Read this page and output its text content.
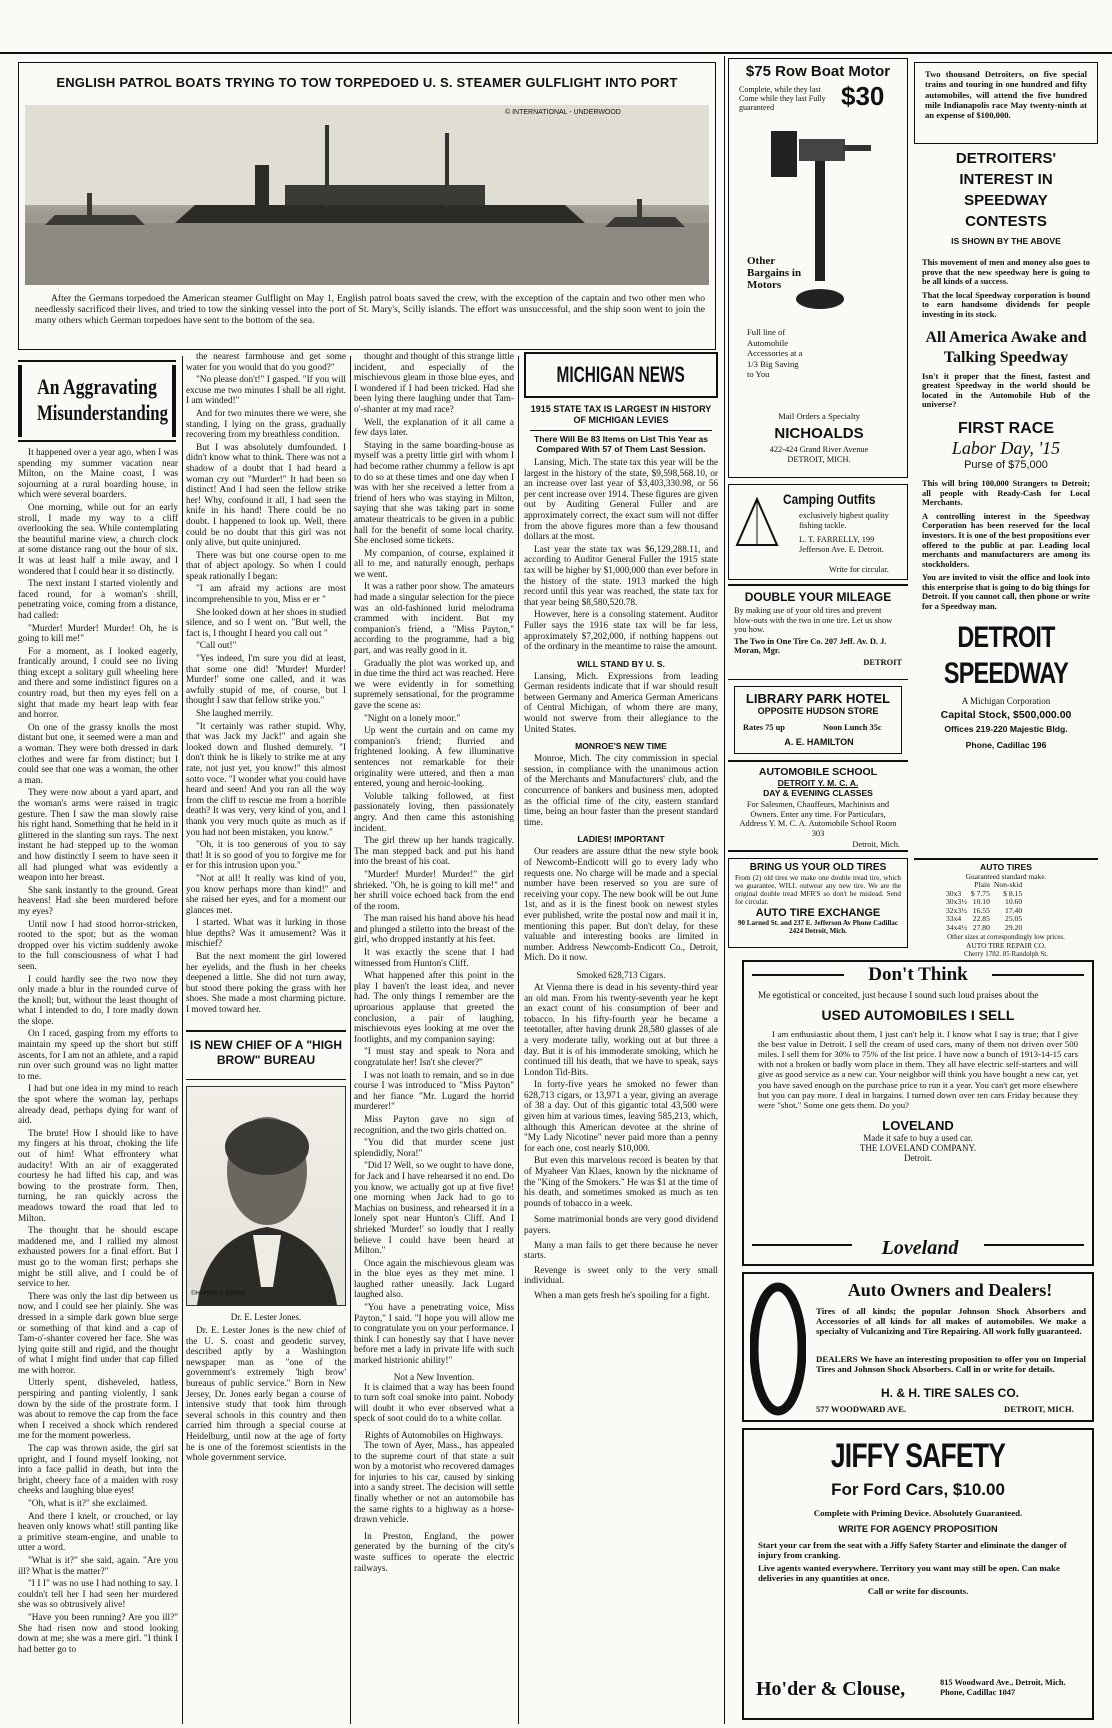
ENGLISH PATROL BOATS TRYING TO TOW TORPEDOED U. S. STEAMER GULFLIGHT INTO PORT
© INTERNATIONAL - UNDERWOOD
After the Germans torpedoed the American steamer Gulflight on May 1, English patrol boats saved the crew, with the exception of the captain and two other men who needlessly sacrificed their lives, and tried to tow the sinking vessel into the port of St. Mary's, Scilly islands. The effort was unsuccessful, and the ship soon went to join the many others which German torpedoes have sent to the bottom of the sea.
An Aggravating
Misunderstanding

It happened over a year ago, when I was spending my summer vacation near Milton, on the Maine coast, I was sojourning at a rural boarding house, in which were several boarders.

One morning, while out for an early stroll, I made my way to a cliff overlooking the sea. While contemplating the beautiful marine view, a church clock at some distance rang out the hour of six. It was at least half a mile away, and I wondered that I could hear it so distinctly.

The next instant I started violently and faced round, for a woman's shrill, penetrating voice, coming from a distance, had called:

"Murder! Murder! Murder! Oh, he is going to kill me!"

For a moment, as I looked eagerly, frantically around, I could see no living thing except a solitary gull wheeling here and there and some indistinct figures on a country road, but then my eyes fell on a sight that made my heart leap with fear and horror.

On one of the grassy knolls the most distant but one, it seemed were a man and a woman. They were both dressed in dark clothes and were far from distinct; but I could see that one was a woman, the other a man.

They were now about a yard apart, and the woman's arms were raised in tragic gesture. Then I saw the man slowly raise his right hand. Something that he held in it glittered in the slanting sun rays. The next instant he had stepped up to the woman and how distinctly I seem to have seen it all had plunged what was evidently a weapon into her breast.

She sank instantly to the ground. Great heavens! Had she been murdered before my eyes?

Until now I had stood horror-stricken, rooted to the spot; but as the woman dropped over his victim suddenly awoke to the full consciousness of what I had seen.

I could hardly see the two now they only made a blur in the rounded curve of the knoll; but, without the least thought of what I intended to do, I tore madly down the slope.

On I raced, gasping from my efforts to maintain my speed up the short but stiff ascents, for I am not an athlete, and a rapid run over such ground was no light matter to me.

I had but one idea in my mind to reach the spot where the woman lay, perhaps already dead, perhaps dying for want of aid.

The brute! How I should like to have my fingers at his throat, choking the life out of him! What effrontery what audacity! With an air of exaggerated courtesy he had lifted his cap, and was bowing to the prostrate form. Then, turning, he ran quickly across the meadows toward the road that led to Milton.

The thought that he should escape maddened me, and I rallied my almost exhausted powers for a final effort. But I must go to the woman first; perhaps she might be still alive, and I could be of service to her.

There was only the last dip between us now, and I could see her plainly. She was dressed in a simple dark gown blue serge or something of that kind and a cap of Tam-o'-shanter covered her face. She was lying quite still and rigid, and the thought of what I might find under that cap filled me with horror.

Utterly spent, disheveled, hatless, perspiring and panting violently, I sank down by the side of the prostrate form. I was about to remove the cap from the face when I received a shock which rendered me for the moment powerless.

The cap was thrown aside, the girl sat upright, and I found myself looking, not into a face pallid in death, but into the bright, cheery face of a maiden with rosy cheeks and laughing blue eyes!

"Oh, what is it?" she exclaimed.

And there I knelt, or crouched, or lay heaven only knows what! still panting like a primitive steam-engine, and unable to utter a word.

"What is it?" she said, again. "Are you ill? What is the matter?"

"I I I" was no use I had nothing to say. I couldn't tell her I had seen her murdered she was so obtrusively alive!

"Have you been running? Are you ill?" She had risen now and stood looking down at me; she was a mere girl. "I think I had better go to

the nearest farmhouse and get some water for you would that do you good?"

"No please don't!" I gasped. "If you will excuse me two minutes I shall be all right. I am winded!"

And for two minutes there we were, she standing, I lying on the grass, gradually recovering from my breathless condition.

But I was absolutely dumfounded. I didn't know what to think. There was not a shadow of a doubt that I had heard a woman cry out "Murder!" It had been so distinct! And I had seen the fellow strike her! Why, confound it all, I had seen the knife in his hand! There could be no doubt. I happened to look up. Well, there could be no doubt that this girl was not only alive, but quite uninjured.

There was but one course open to me that of abject apology. So when I could speak rationally I began:

"I am afraid my actions are most incomprehensible to you, Miss er er "

She looked down at her shoes in studied silence, and so I went on. "But well, the fact is, I thought I heard you call out "

"Call out!"

"Yes indeed, I'm sure you did at least, that some one did! 'Murder! Murder! Murder!' some one called, and it was awfully stupid of me, of course, but I thought I saw that fellow strike you."

She laughed merrily.

"It certainly was rather stupid. Why, that was Jack my Jack!" and again she looked down and flushed demurely. "I don't think he is likely to strike me at any rate, not just yet, you know!" this almost sotto voce. "I wonder what you could have heard and seen! And you ran all the way from the cliff to rescue me from a horrible death? It was very, very kind of you, and I thank you very much quite as much as if you had not been mistaken, you know."

"Oh, it is too generous of you to say that! It is so good of you to forgive me for er for this intrusion upon you."

"Not at all! It really was kind of you, you know perhaps more than kind!" and she raised her eyes, and for a moment our glances met.

I started. What was it lurking in those blue depths? Was it amusement? Was it mischief?

But the next moment the girl lowered her eyelids, and the flush in her cheeks deepened a little. She did not turn away, but stood there poking the grass with her shoes. She made a most charming picture. I moved toward her.

IS NEW CHIEF OF A "HIGH BROW" BUREAU
©HARRIS & EWING
Dr. E. Lester Jones.

Dr. E. Lester Jones is the new chief of the U. S. coast and geodetic survey, described aptly by a Washington newspaper man as "one of the government's extremely 'high brow' bureaus of public service." Born in New Jersey, Dr. Jones early began a course of intensive study that took him through several schools in this country and then carried him through a special course at Heidelburg, until now at the age of forty he is one of the foremost scientists in the whole government service.

thought and thought of this strange little incident, and especially of the mischievous gleam in those blue eyes, and I wondered if I had been tricked. Had she been lying there laughing under that Tam-o'-shanter at my mad race?

Well, the explanation of it all came a few days later.

Staying in the same boarding-house as myself was a pretty little girl with whom I had become rather chummy a fellow is apt to do so at these times and one day when I was with her she received a letter from a friend of hers who was staying in Milton, saying that she was taking part in some amateur theatricals to be given in a public hall for the benefit of some local charity. She enclosed some tickets.

My companion, of course, explained it all to me, and naturally enough, perhaps we went.

It was a rather poor show. The amateurs had made a singular selection for the piece was an old-fashioned lurid melodrama crammed with incident. But my companion's friend, a "Miss Payton," according to the programme, had a big part, and was really good in it.

Gradually the plot was worked up, and in due time the third act was reached. Here we were evidently in for something supremely sensational, for the programme gave the scene as:

"Night on a lonely moor."

Up went the curtain and on came my companion's friend; flurried and frightened looking. A few illuminative sentences not remarkable for their originality were uttered, and then a man entered, young and heroic-looking.

Voluble talking followed, at first passionately loving, then passionately angry. And then came this astonishing incident.

The girl threw up her hands tragically. The man stepped back and put his hand into the breast of his coat.

"Murder! Murder! Murder!" the girl shrieked. "Oh, he is going to kill me!" and her shrill voice echoed back from the end of the room.

The man raised his hand above his head and plunged a stiletto into the breast of the girl, who dropped instantly at his feet.

It was exactly the scene that I had witnessed from Hunton's Cliff.

What happened after this point in the play I haven't the least idea, and never had. The only things I remember are the uproarious applause that greeted the conclusion, a pair of laughing, mischievous eyes looking at me over the footlights, and my companion saying:

"I must stay and speak to Nora and congratulate her! Isn't she clever?"

I was not loath to remain, and so in due course I was introduced to "Miss Payton" and her fiance "Mr. Lugard the horrid murderer!"

Miss Payton gave no sign of recognition, and the two girls chatted on.

"You did that murder scene just splendidly, Nora!"

"Did I? Well, so we ought to have done, for Jack and I have rehearsed it no end. Do you know, we actually got up at five five! one morning when Jack had to go to Machias on business, and rehearsed it in a lonely spot near Hunton's Cliff. And I shrieked 'Murder!' so loudly that I really believe I could have been heard at Milton."

Once again the mischievous gleam was in the blue eyes as they met mine. I laughed rather uneasily. Jack Lugard laughed also.

"You have a penetrating voice, Miss Payton," I said. "I hope you will allow me to congratulate you on your performance. I think I can honestly say that I have never before met a lady in private life with such marked histrionic ability!"

Not a New Invention.

It is claimed that a way has been found to turn soft coal smoke into paint. Nobody will doubt it who ever observed what a speck of soot could do to a white collar.

Rights of Automobiles on Highways.

The town of Ayer, Mass., has appealed to the supreme court of that state a suit won by a motorist who recovered damages for injuries to his car, caused by sinking into a sandy street. The decision will settle finally whether or not an automobile has the same rights to a highway as a horse-drawn vehicle.

In Preston, England, the power generated by the burning of the city's waste suffices to operate the electric railways.

MICHIGAN NEWS
1915 STATE TAX IS LARGEST IN HISTORY OF MICHIGAN LEVIES
There Will Be 83 Items on List This Year as Compared With 57 of Them Last Session.

Lansing, Mich. The state tax this year will be the largest in the history of the state, $9,598,568.10, or an increase over last year of $3,403,330.98, or 56 per cent increase over 1914. These figures are given out by Auditing General Fuller and are approximately correct, the exact sum will not differ from the above figures more than a few thousand dollars at the most.

Last year the state tax was $6,129,288.11, and according to Auditor General Fuller the 1915 state tax will be higher by $1,000,000 than ever before in the history of the state. 1913 marked the high record until this year was reached, the state tax for that year being $8,580,520.78.

However, here is a consoling statement. Auditor Fuller says the 1916 state tax will be far less, approximately $7,202,000, if nothing happens out of the ordinary in the meantime to raise the amount.

WILL STAND BY U. S.

Lansing, Mich. Expressions from leading German residents indicate that if war should result between Germany and America German Americans of Central Michigan, of whom there are many, would not swerve from their allegiance to the United States.

MONROE'S NEW TIME

Monroe, Mich. The city commission in special session, in compliance with the unanimous action of the Merchants and Manufacturers' club, and the concurrence of bankers and business men, adopted as the official time of the city, eastern standard time, being an hour faster than the present standard time.

LADIES! IMPORTANT

Our readers are assure dthat the new style book of Newcomb-Endicott will go to every lady who requests one. No charge will be made and a special number have been reserved so you are sure of receiving your copy. The new book will be out June 1st, and as it is the finest book on newest styles ever published, write the postal now and mail it in, mentioning this paper. But don't delay, for these valuable and interesting books are limited in number. Address Newcomb-Endicott Co., Detroit, Mich. Do it now.

Smoked 628,713 Cigars.

At Vienna there is dead in his seventy-third year an old man. From his twenty-seventh year he kept an exact count of his consumption of beer and tobacco. In his fifty-fourth year he became a teetotaller, after having drunk 28,580 glasses of ale a very moderate tally, working out at but three a day. But it is of his immoderate smoking, which he continued till his death, that we have to speak, says London Tid-Bits.

In forty-five years he smoked no fewer than 628,713 cigars, or 13,971 a year, giving an average of 38 a day. Out of this gigantic total 43,500 were given him at various times, leaving 585,213, which, although this American devotee at the shrine of "My Lady Nicotine" never paid more than a penny for each one, cost nearly $10,000.

But even this marvelous record is beaten by that of Myaheer Van Klaes, known by the nickname of the "King of the Smokers." He was $1 at the time of his death, and sometimes smoked as much as ten pounds of tobacco in a week.

Some matrimonial bonds are very good dividend payers.

Many a man fails to get there because he never starts.

Revenge is sweet only to the very small individual.

When a man gets fresh he's spoiling for a fight.

$75 Row Boat Motor
Complete, while they last Come while they last Fully guaranteed	$30
Other Bargains in Motors
Full line of Automobile Accessories at a 1/3 Big Saving to You
Mail Orders a Specialty
NICHOALDS
422-424 Grand River Avenue DETROIT, MICH.
Camping Outfits
exclusively highest quality fishing tackle.
L. T. FARRELLY, 199 Jefferson Ave. E. Detroit.
Write for circular.
DOUBLE YOUR MILEAGE
By making use of your old tires and prevent blow-outs with the two in one tire. Let us show you how.
The Two in One Tire Co. 207 Jeff. Av. D. J. Moran, Mgr.
DETROIT
LIBRARY PARK HOTEL
OPPOSITE HUDSON STORE
Rates 75 up	Noon Lunch 35c
A. E. HAMILTON
AUTOMOBILE SCHOOL
DETROIT Y. M. C. A.
DAY & EVENING CLASSES
For Salesmen, Chauffeurs, Machinists and Owners. Enter any time. For Particulars, Address Y. M. C. A. Automobile School Room 303
Detroit, Mich.
BRING US YOUR OLD TIRES
From (2) old tires we make one double tread tire, which we guarantee, WILL outwear any new tire. We are the original double tread MFR'S so don't be mislead. Send for circular.
AUTO TIRE EXCHANGE
90 Larned St. and 237 E. Jefferson Av Phone Cadillac 2424 Detroit, Mich.
Two thousand Detroiters, on five special trains and touring in one hundred and fifty automobiles, will attend the five hundred mile Indianapolis race May twenty-ninth at an expense of $100,000.
DETROITERS'
INTEREST IN
SPEEDWAY
CONTESTS
IS SHOWN BY THE ABOVE
This movement of men and money also goes to prove that the new speedway here is going to be all kinds of a success.
That the local Speedway corporation is bound to earn handsome dividends for people investing in its stock.
All America Awake and Talking Speedway
Isn't it proper that the finest, fastest and greatest Speedway in the world should be located in the Automobile Hub of the universe?
FIRST RACE
Labor Day, '15
Purse of $75,000
This will bring 100,000 Strangers to Detroit; all people with Ready-Cash for Local Merchants.
A controlling interest in the Speedway Corporation has been reserved for the local investors. It is one of the best propositions ever offered to the public at par. Leading local merchants and manufacturers are among its stockholders.
You are invited to visit the office and look into this enterprise that is going to do big things for Detroit. If you cannot call, then phone or write for a Speedway man.
DETROIT
SPEEDWAY
A Michigan Corporation
Capital Stock, $500,000.00
Offices 219-220 Majestic Bldg.
Phone, Cadillac 196
AUTO TIRES
Guaranteed standard make.
	Plain	Non-skid
30x3	$ 7.75	$ 8.15
30x3½	10.10	10.60
32x3½	16.55	17.40
33x4	22.85	25.05
34x4½	27.80	29.20
Other sizes at correspondingly low prices.
AUTO TIRE REPAIR CO.
Cherry 1782. 85 Randolph St.
Don't Think
Me egotistical or conceited, just because I sound such loud praises about the
USED AUTOMOBILES I SELL
I am enthusiastic about them, I just can't help it. I know what I say is true; that I give the best value in Detroit. I sell the cream of used cars, many of them not driven over 500 miles. I sell them for 30% to 75% of the list price. I have now a bunch of 1913-14-15 cars with not a broken or badly worn place in them. They all have electric self-starters and will give as good service as a new car. Your neighbor will think you have bought a new car, yet you have saved enough on the purchase price to run it a year. You can't get more elsewhere but you can pay more. I deal in bargains. I turned down over ten cars Friday because they were "shot." Some one gets them. Do you?
LOVELAND
Made it safe to buy a used car.
THE LOVELAND COMPANY.
Detroit.
Loveland
Auto Owners and Dealers!
Tires of all kinds; the popular Johnson Shock Absorbers and Accessories of all kinds for all makes of automobiles. We make a specialty of Vulcanizing and Tire Repairing. All work fully guaranteed.
DEALERS We have an interesting proposition to offer you on Imperial Tires and Johnson Shock Absorbers. Call in or write for details.
H. & H. TIRE SALES CO.
577 WOODWARD AVE.	DETROIT, MICH.
JIFFY SAFETY
For Ford Cars, $10.00
Complete with Priming Device. Absolutely Guaranteed.
WRITE FOR AGENCY PROPOSITION
Start your car from the seat with a Jiffy Safety Starter and eliminate the danger of injury from cranking.
Live agents wanted everywhere. Territory you want may still be open. Can make deliveries in any quantities at once.
Call or write for discounts.
Ho'der & Clouse,	815 Woodward Ave., Detroit, Mich. Phone, Cadillac 1047
